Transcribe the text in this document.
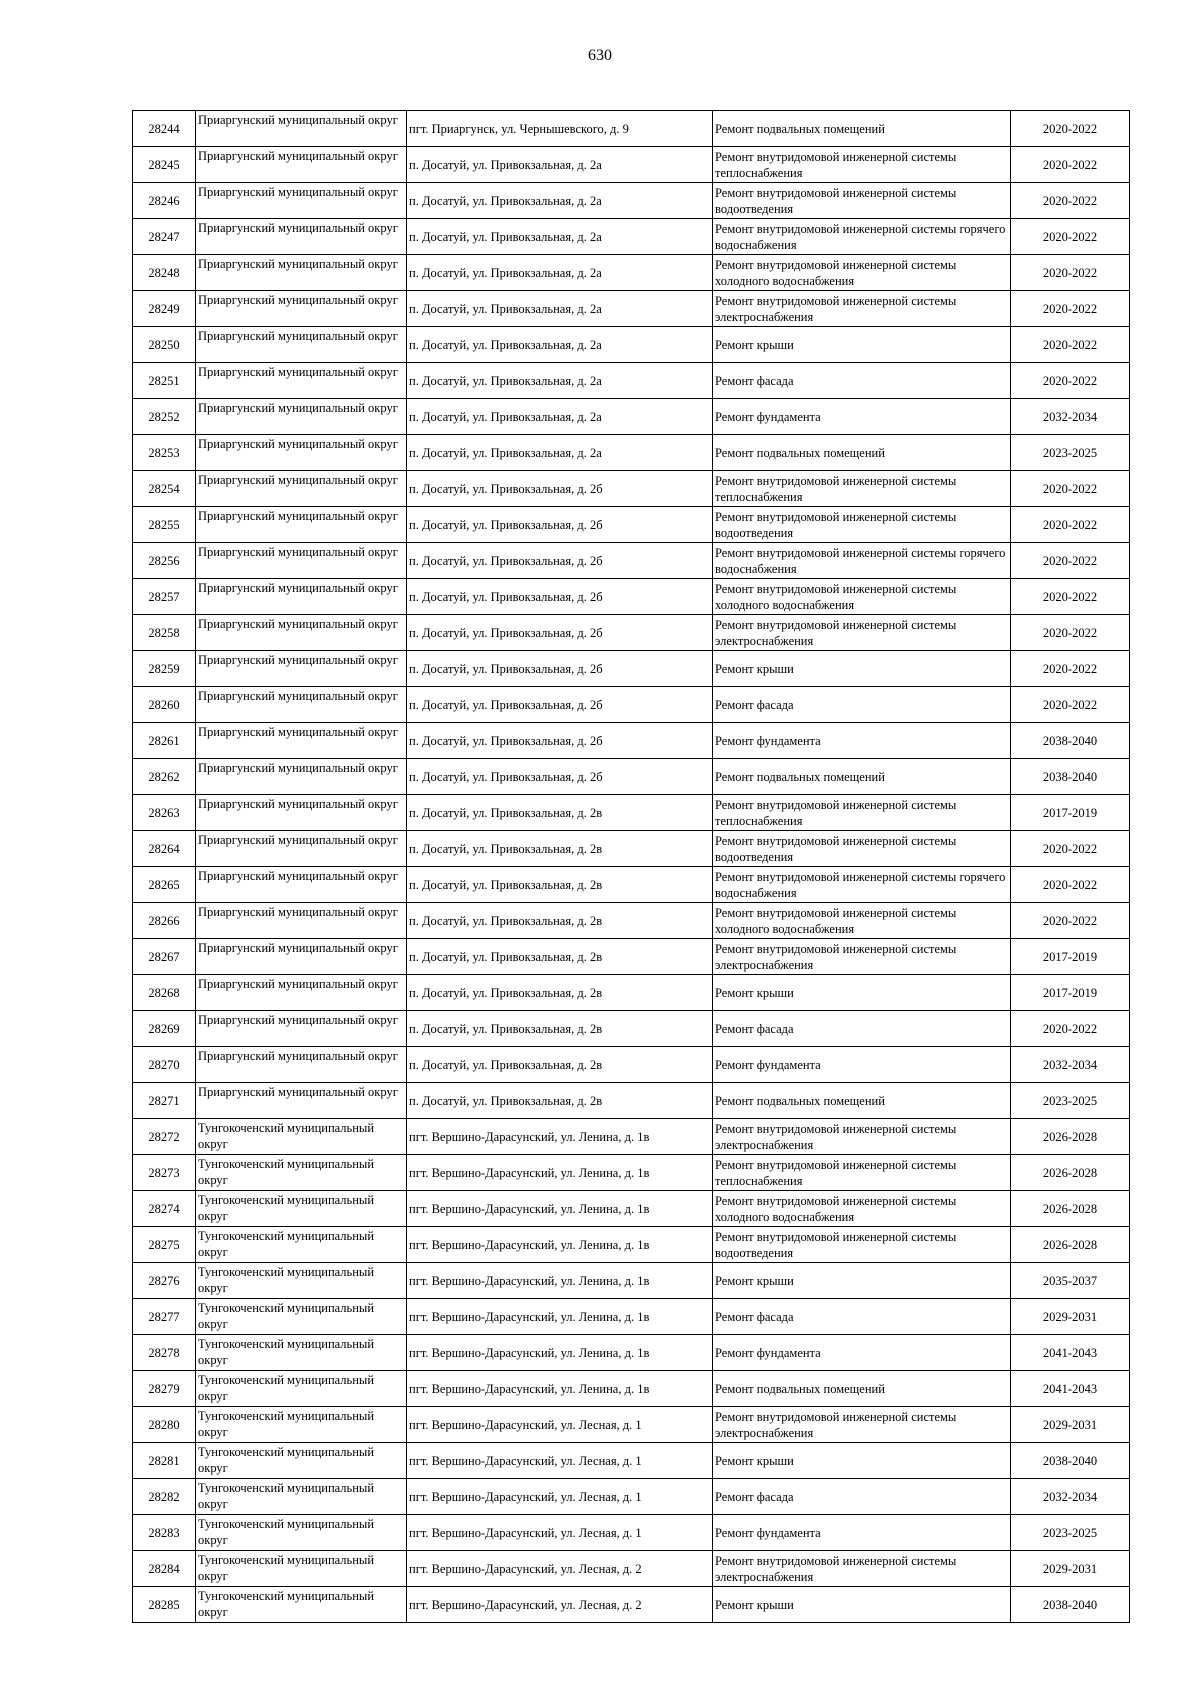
630
28244	Приаргунский муниципальный округ	пгт. Приаргунск, ул. Чернышевского, д. 9	Ремонт подвальных помещений	2020-2022
28245	Приаргунский муниципальный округ	п. Досатуй, ул. Привокзальная, д. 2а	Ремонт внутридомовой инженерной системы теплоснабжения	2020-2022
28246	Приаргунский муниципальный округ	п. Досатуй, ул. Привокзальная, д. 2а	Ремонт внутридомовой инженерной системы водоотведения	2020-2022
28247	Приаргунский муниципальный округ	п. Досатуй, ул. Привокзальная, д. 2а	Ремонт внутридомовой инженерной системы горячего водоснабжения	2020-2022
28248	Приаргунский муниципальный округ	п. Досатуй, ул. Привокзальная, д. 2а	Ремонт внутридомовой инженерной системы холодного водоснабжения	2020-2022
28249	Приаргунский муниципальный округ	п. Досатуй, ул. Привокзальная, д. 2а	Ремонт внутридомовой инженерной системы электроснабжения	2020-2022
28250	Приаргунский муниципальный округ	п. Досатуй, ул. Привокзальная, д. 2а	Ремонт крыши	2020-2022
28251	Приаргунский муниципальный округ	п. Досатуй, ул. Привокзальная, д. 2а	Ремонт фасада	2020-2022
28252	Приаргунский муниципальный округ	п. Досатуй, ул. Привокзальная, д. 2а	Ремонт фундамента	2032-2034
28253	Приаргунский муниципальный округ	п. Досатуй, ул. Привокзальная, д. 2а	Ремонт подвальных помещений	2023-2025
28254	Приаргунский муниципальный округ	п. Досатуй, ул. Привокзальная, д. 2б	Ремонт внутридомовой инженерной системы теплоснабжения	2020-2022
28255	Приаргунский муниципальный округ	п. Досатуй, ул. Привокзальная, д. 2б	Ремонт внутридомовой инженерной системы водоотведения	2020-2022
28256	Приаргунский муниципальный округ	п. Досатуй, ул. Привокзальная, д. 2б	Ремонт внутридомовой инженерной системы горячего водоснабжения	2020-2022
28257	Приаргунский муниципальный округ	п. Досатуй, ул. Привокзальная, д. 2б	Ремонт внутридомовой инженерной системы холодного водоснабжения	2020-2022
28258	Приаргунский муниципальный округ	п. Досатуй, ул. Привокзальная, д. 2б	Ремонт внутридомовой инженерной системы электроснабжения	2020-2022
28259	Приаргунский муниципальный округ	п. Досатуй, ул. Привокзальная, д. 2б	Ремонт крыши	2020-2022
28260	Приаргунский муниципальный округ	п. Досатуй, ул. Привокзальная, д. 2б	Ремонт фасада	2020-2022
28261	Приаргунский муниципальный округ	п. Досатуй, ул. Привокзальная, д. 2б	Ремонт фундамента	2038-2040
28262	Приаргунский муниципальный округ	п. Досатуй, ул. Привокзальная, д. 2б	Ремонт подвальных помещений	2038-2040
28263	Приаргунский муниципальный округ	п. Досатуй, ул. Привокзальная, д. 2в	Ремонт внутридомовой инженерной системы теплоснабжения	2017-2019
28264	Приаргунский муниципальный округ	п. Досатуй, ул. Привокзальная, д. 2в	Ремонт внутридомовой инженерной системы водоотведения	2020-2022
28265	Приаргунский муниципальный округ	п. Досатуй, ул. Привокзальная, д. 2в	Ремонт внутридомовой инженерной системы горячего водоснабжения	2020-2022
28266	Приаргунский муниципальный округ	п. Досатуй, ул. Привокзальная, д. 2в	Ремонт внутридомовой инженерной системы холодного водоснабжения	2020-2022
28267	Приаргунский муниципальный округ	п. Досатуй, ул. Привокзальная, д. 2в	Ремонт внутридомовой инженерной системы электроснабжения	2017-2019
28268	Приаргунский муниципальный округ	п. Досатуй, ул. Привокзальная, д. 2в	Ремонт крыши	2017-2019
28269	Приаргунский муниципальный округ	п. Досатуй, ул. Привокзальная, д. 2в	Ремонт фасада	2020-2022
28270	Приаргунский муниципальный округ	п. Досатуй, ул. Привокзальная, д. 2в	Ремонт фундамента	2032-2034
28271	Приаргунский муниципальный округ	п. Досатуй, ул. Привокзальная, д. 2в	Ремонт подвальных помещений	2023-2025
28272	Тунгокоченский муниципальный округ	пгт. Вершино-Дарасунский, ул. Ленина, д. 1в	Ремонт внутридомовой инженерной системы электроснабжения	2026-2028
28273	Тунгокоченский муниципальный округ	пгт. Вершино-Дарасунский, ул. Ленина, д. 1в	Ремонт внутридомовой инженерной системы теплоснабжения	2026-2028
28274	Тунгокоченский муниципальный округ	пгт. Вершино-Дарасунский, ул. Ленина, д. 1в	Ремонт внутридомовой инженерной системы холодного водоснабжения	2026-2028
28275	Тунгокоченский муниципальный округ	пгт. Вершино-Дарасунский, ул. Ленина, д. 1в	Ремонт внутридомовой инженерной системы водоотведения	2026-2028
28276	Тунгокоченский муниципальный округ	пгт. Вершино-Дарасунский, ул. Ленина, д. 1в	Ремонт крыши	2035-2037
28277	Тунгокоченский муниципальный округ	пгт. Вершино-Дарасунский, ул. Ленина, д. 1в	Ремонт фасада	2029-2031
28278	Тунгокоченский муниципальный округ	пгт. Вершино-Дарасунский, ул. Ленина, д. 1в	Ремонт фундамента	2041-2043
28279	Тунгокоченский муниципальный округ	пгт. Вершино-Дарасунский, ул. Ленина, д. 1в	Ремонт подвальных помещений	2041-2043
28280	Тунгокоченский муниципальный округ	пгт. Вершино-Дарасунский, ул. Лесная, д. 1	Ремонт внутридомовой инженерной системы электроснабжения	2029-2031
28281	Тунгокоченский муниципальный округ	пгт. Вершино-Дарасунский, ул. Лесная, д. 1	Ремонт крыши	2038-2040
28282	Тунгокоченский муниципальный округ	пгт. Вершино-Дарасунский, ул. Лесная, д. 1	Ремонт фасада	2032-2034
28283	Тунгокоченский муниципальный округ	пгт. Вершино-Дарасунский, ул. Лесная, д. 1	Ремонт фундамента	2023-2025
28284	Тунгокоченский муниципальный округ	пгт. Вершино-Дарасунский, ул. Лесная, д. 2	Ремонт внутридомовой инженерной системы электроснабжения	2029-2031
28285	Тунгокоченский муниципальный округ	пгт. Вершино-Дарасунский, ул. Лесная, д. 2	Ремонт крыши	2038-2040
